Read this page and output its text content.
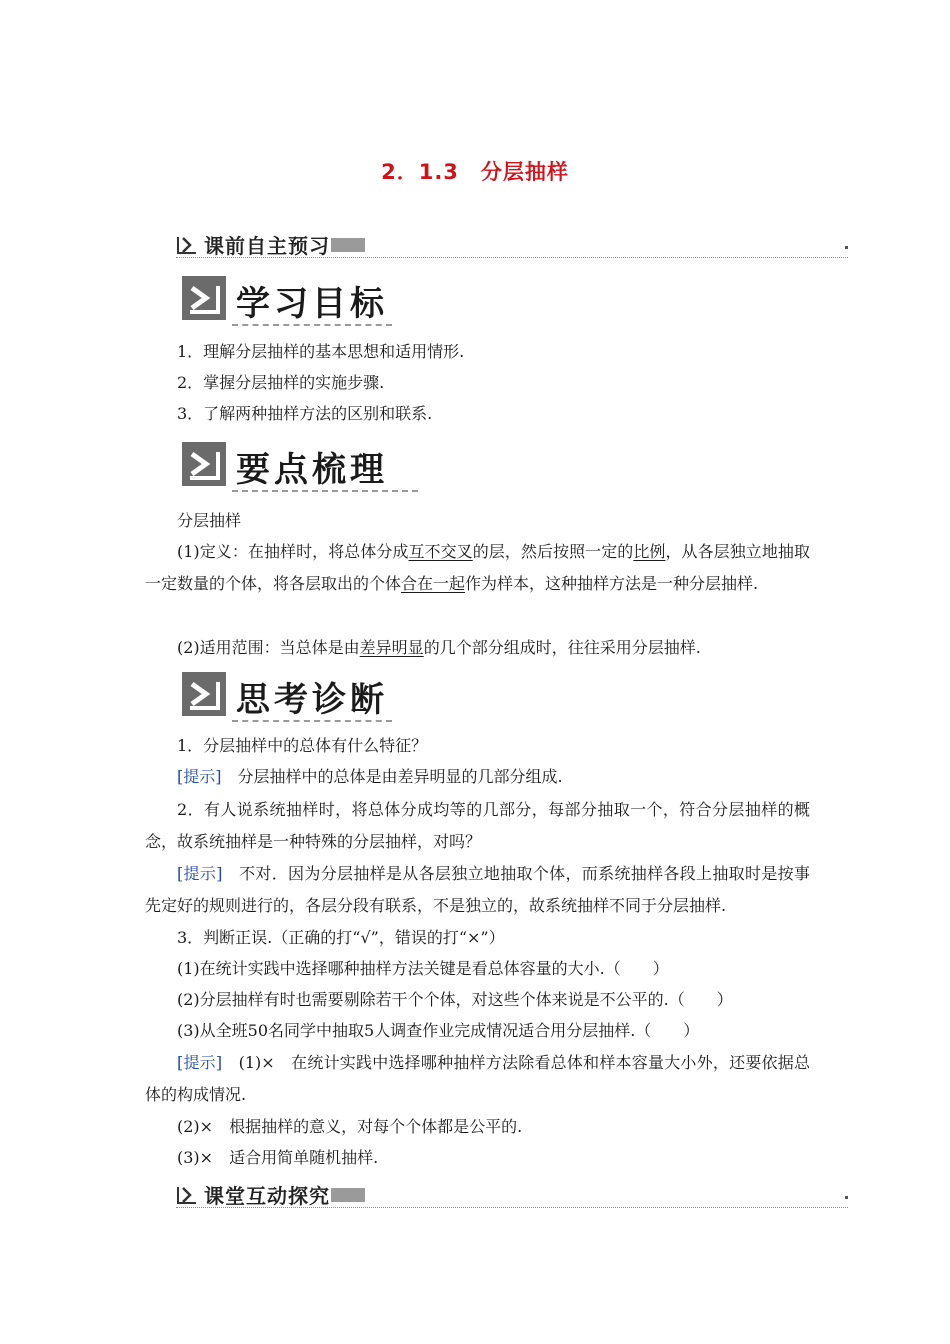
2．1.3　分层抽样
课前自主预习
学习目标
1．理解分层抽样的基本思想和适用情形.
2．掌握分层抽样的实施步骤.
3．了解两种抽样方法的区别和联系.
要点梳理
分层抽样
(1)定义：在抽样时，将总体分成互不交叉的层，然后按照一定的比例，从各层独立地抽取一定数量的个体，将各层取出的个体合在一起作为样本，这种抽样方法是一种分层抽样.
(2)适用范围：当总体是由差异明显的几个部分组成时，往往采用分层抽样.
思考诊断
1．分层抽样中的总体有什么特征？
[提示]　 分层抽样中的总体是由差异明显的几部分组成.
2．有人说系统抽样时，将总体分成均等的几部分，每部分抽取一个，符合分层抽样的概念，故系统抽样是一种特殊的分层抽样，对吗？
[提示]　 不对．因为分层抽样是从各层独立地抽取个体，而系统抽样各段上抽取时是按事先定好的规则进行的，各层分段有联系，不是独立的，故系统抽样不同于分层抽样.
3．判断正误.（正确的打“√”，错误的打“×”）
(1)在统计实践中选择哪种抽样方法关键是看总体容量的大小.（　　）
(2)分层抽样有时也需要剔除若干个个体，对这些个体来说是不公平的.（　　）
(3)从全班50名同学中抽取5人调查作业完成情况适合用分层抽样.（　　）
[提示]　 (1)×　在统计实践中选择哪种抽样方法除看总体和样本容量大小外，还要依据总体的构成情况.
(2)×　根据抽样的意义，对每个个体都是公平的.
(3)×　适合用简单随机抽样.
课堂互动探究
